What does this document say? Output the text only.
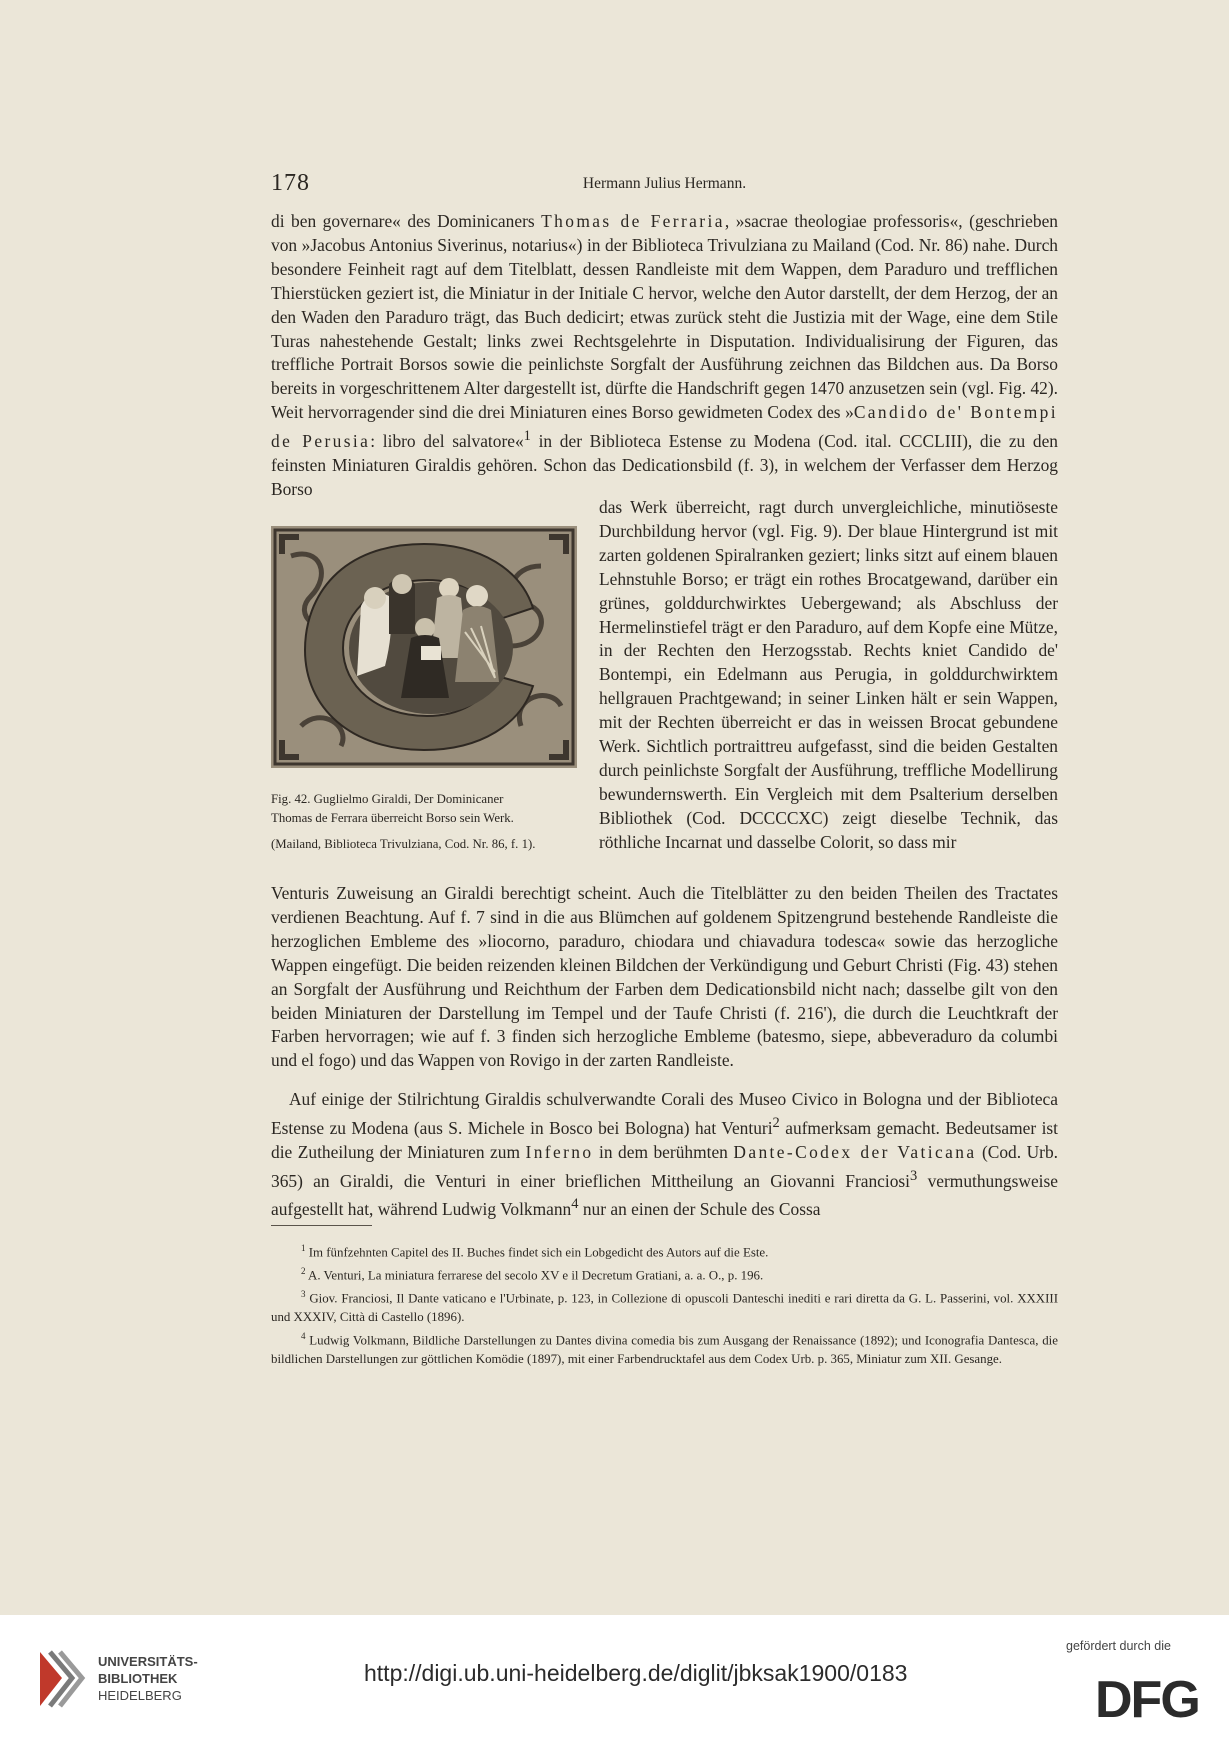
178	Hermann Julius Hermann.

di ben governare« des Dominicaners Thomas de Ferraria, »sacrae theologiae professoris«, (geschrieben von »Jacobus Antonius Siverinus, notarius«) in der Biblioteca Trivulziana zu Mailand (Cod. Nr. 86) nahe. Durch besondere Feinheit ragt auf dem Titelblatt, dessen Randleiste mit dem Wappen, dem Paraduro und trefflichen Thierstücken geziert ist, die Miniatur in der Initiale C hervor, welche den Autor darstellt, der dem Herzog, der an den Waden den Paraduro trägt, das Buch dedicirt; etwas zurück steht die Justizia mit der Wage, eine dem Stile Turas nahestehende Gestalt; links zwei Rechtsgelehrte in Disputation. Individualisirung der Figuren, das treffliche Portrait Borsos sowie die peinlichste Sorgfalt der Ausführung zeichnen das Bildchen aus. Da Borso bereits in vorgeschrittenem Alter dargestellt ist, dürfte die Handschrift gegen 1470 anzusetzen sein (vgl. Fig. 42). Weit hervorragender sind die drei Miniaturen eines Borso gewidmeten Codex des »Candido de' Bontempi de Perusia: libro del salvatore«$^1$ in der Biblioteca Estense zu Modena (Cod. ital. CCCLIII), die zu den feinsten Miniaturen Giraldis gehören. Schon das Dedicationsbild (f. 3), in welchem der Verfasser dem Herzog Borso

Fig. 42. Guglielmo Giraldi, Der Dominicaner
Thomas de Ferrara überreicht Borso sein Werk.
(Mailand, Biblioteca Trivulziana, Cod. Nr. 86, f. 1).

das Werk überreicht, ragt durch unvergleichliche, minutiöseste Durchbildung hervor (vgl. Fig. 9). Der blaue Hintergrund ist mit zarten goldenen Spiralranken geziert; links sitzt auf einem blauen Lehnstuhle Borso; er trägt ein rothes Brocatgewand, darüber ein grünes, golddurchwirktes Uebergewand; als Abschluss der Hermelinstiefel trägt er den Paraduro, auf dem Kopfe eine Mütze, in der Rechten den Herzogsstab. Rechts kniet Candido de' Bontempi, ein Edelmann aus Perugia, in golddurchwirktem hellgrauen Prachtgewand; in seiner Linken hält er sein Wappen, mit der Rechten überreicht er das in weissen Brocat gebundene Werk. Sichtlich portraittreu aufgefasst, sind die beiden Gestalten durch peinlichste Sorgfalt der Ausführung, treffliche Modellirung bewundernswerth. Ein Vergleich mit dem Psalterium derselben Bibliothek (Cod. DCCCCXC) zeigt dieselbe Technik, das röthliche Incarnat und dasselbe Colorit, so dass mir

Venturis Zuweisung an Giraldi berechtigt scheint. Auch die Titelblätter zu den beiden Theilen des Tractates verdienen Beachtung. Auf f. 7 sind in die aus Blümchen auf goldenem Spitzengrund bestehende Randleiste die herzoglichen Embleme des »liocorno, paraduro, chiodara und chiavadura todesca« sowie das herzogliche Wappen eingefügt. Die beiden reizenden kleinen Bildchen der Verkündigung und Geburt Christi (Fig. 43) stehen an Sorgfalt der Ausführung und Reichthum der Farben dem Dedicationsbild nicht nach; dasselbe gilt von den beiden Miniaturen der Darstellung im Tempel und der Taufe Christi (f. 216'), die durch die Leuchtkraft der Farben hervorragen; wie auf f. 3 finden sich herzogliche Embleme (batesmo, siepe, abbeveraduro da columbi und el fogo) und das Wappen von Rovigo in der zarten Randleiste.

Auf einige der Stilrichtung Giraldis schulverwandte Corali des Museo Civico in Bologna und der Biblioteca Estense zu Modena (aus S. Michele in Bosco bei Bologna) hat Venturi$^2$ aufmerksam gemacht. Bedeutsamer ist die Zutheilung der Miniaturen zum Inferno in dem berühmten Dante-Codex der Vaticana (Cod. Urb. 365) an Giraldi, die Venturi in einer brieflichen Mittheilung an Giovanni Franciosi$^3$ vermuthungsweise aufgestellt hat, während Ludwig Volkmann$^4$ nur an einen der Schule des Cossa

$^1$ Im fünfzehnten Capitel des II. Buches findet sich ein Lobgedicht des Autors auf die Este.

$^2$ A. Venturi, La miniatura ferrarese del secolo XV e il Decretum Gratiani, a. a. O., p. 196.

$^3$ Giov. Franciosi, Il Dante vaticano e l'Urbinate, p. 123, in Collezione di opuscoli Danteschi inediti e rari diretta da G. L. Passerini, vol. XXXIII und XXXIV, Città di Castello (1896).

$^4$ Ludwig Volkmann, Bildliche Darstellungen zu Dantes divina comedia bis zum Ausgang der Renaissance (1892); und Iconografia Dantesca, die bildlichen Darstellungen zur göttlichen Komödie (1897), mit einer Farbendrucktafel aus dem Codex Urb. p. 365, Miniatur zum XII. Gesange.

UNIVERSITÄTS-
BIBLIOTHEK
HEIDELBERG
http://digi.ub.uni-heidelberg.de/diglit/jbksak1900/0183
gefördert durch die
DFG
